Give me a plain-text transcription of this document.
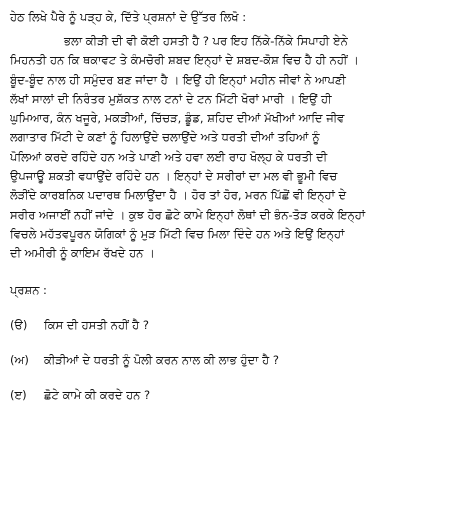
ਹੇਠ ਲਿਖੇ ਪੈਰੇ ਨੂੰ ਪੜ੍ਹ ਕੇ, ਦਿੱਤੇ ਪ੍ਰਸ਼ਨਾਂ ਦੇ ਉੱਤਰ ਲਿਖੋ :
ਭਲਾ ਕੀੜੀ ਦੀ ਵੀ ਕੋਈ ਹਸਤੀ ਹੈ ? ਪਰ ਇਹ ਨਿੱਕੇ-ਨਿੱਕੇ ਸਿਪਾਹੀ ਏਨੇ
ਮਿਹਨਤੀ ਹਨ ਕਿ ਥਕਾਵਟ ਤੇ ਕੰਮਚੋਰੀ ਸ਼ਬਦ ਇਨ੍ਹਾਂ ਦੇ ਸ਼ਬਦ-ਕੋਸ਼ ਵਿਚ ਹੈ ਹੀ ਨਹੀਂ ।
ਬੂੰਦ-ਬੂੰਦ ਨਾਲ ਹੀ ਸਮੁੰਦਰ ਬਣ ਜਾਂਦਾ ਹੈ । ਇਉਂ ਹੀ ਇਨ੍ਹਾਂ ਮਹੀਨ ਜੀਵਾਂ ਨੇ ਆਪਣੀ
ਲੱਖਾਂ ਸਾਲਾਂ ਦੀ ਨਿਰੰਤਰ ਮੁਸ਼ੱਕਤ ਨਾਲ ਟਨਾਂ ਦੇ ਟਨ ਮਿੱਟੀ ਖੋਰਾਂ ਮਾਰੀ । ਇਉਂ ਹੀ
ਘੁਮਿਆਰ, ਕੰਨ ਖਜੂਰੇ, ਮਕੜੀਆਂ, ਚਿੱਚੜ, ਡੂੰਡ, ਸ਼ਹਿਦ ਦੀਆਂ ਮੱਖੀਆਂ ਆਦਿ ਜੀਵ
ਲਗਾਤਾਰ ਮਿੱਟੀ ਦੇ ਕਣਾਂ ਨੂੰ ਹਿਲਾਉਂਦੇ ਚਲਾਉਂਦੇ ਅਤੇ ਧਰਤੀ ਦੀਆਂ ਤਹਿਆਂ ਨੂੰ
ਪੋਲਿਆਂ ਕਰਦੇ ਰਹਿੰਦੇ ਹਨ ਅਤੇ ਪਾਣੀ ਅਤੇ ਹਵਾ ਲਈ ਰਾਹ ਖੋਲ੍ਹ ਕੇ ਧਰਤੀ ਦੀ
ਉਪਜਾਊ ਸ਼ਕਤੀ ਵਧਾਉਂਦੇ ਰਹਿੰਦੇ ਹਨ । ਇਨ੍ਹਾਂ ਦੇ ਸਰੀਰਾਂ ਦਾ ਮਲ ਵੀ ਭੂਮੀ ਵਿਚ
ਲੋੜੀਂਦੇ ਕਾਰਬਨਿਕ ਪਦਾਰਥ ਮਿਲਾਉਂਦਾ ਹੈ । ਹੋਰ ਤਾਂ ਹੋਰ, ਮਰਨ ਪਿੱਛੋਂ ਵੀ ਇਨ੍ਹਾਂ ਦੇ
ਸਰੀਰ ਅਜਾਈਂ ਨਹੀਂ ਜਾਂਦੇ । ਕੁਝ ਹੋਰ ਛੋਟੇ ਕਾਮੇ ਇਨ੍ਹਾਂ ਲੋਥਾਂ ਦੀ ਭੰਨ-ਤੋੜ ਕਰਕੇ ਇਨ੍ਹਾਂ
ਵਿਚਲੇ ਮਹੱਤਵਪੂਰਨ ਯੋਗਿਕਾਂ ਨੂੰ ਮੁੜ ਮਿੱਟੀ ਵਿਚ ਮਿਲਾ ਦਿੰਦੇ ਹਨ ਅਤੇ ਇਉਂ ਇਨ੍ਹਾਂ
ਦੀ ਅਮੀਰੀ ਨੂੰ ਕਾਇਮ ਰੱਖਦੇ ਹਨ ।
ਪ੍ਰਸ਼ਨ :
(ੳ) ਕਿਸ ਦੀ ਹਸਤੀ ਨਹੀਂ ਹੈ ?
(ਅ) ਕੀੜੀਆਂ ਦੇ ਧਰਤੀ ਨੂੰ ਪੋਲੀ ਕਰਨ ਨਾਲ ਕੀ ਲਾਭ ਹੁੰਦਾ ਹੈ ?
(ੲ) ਛੋਟੇ ਕਾਮੇ ਕੀ ਕਰਦੇ ਹਨ ?
